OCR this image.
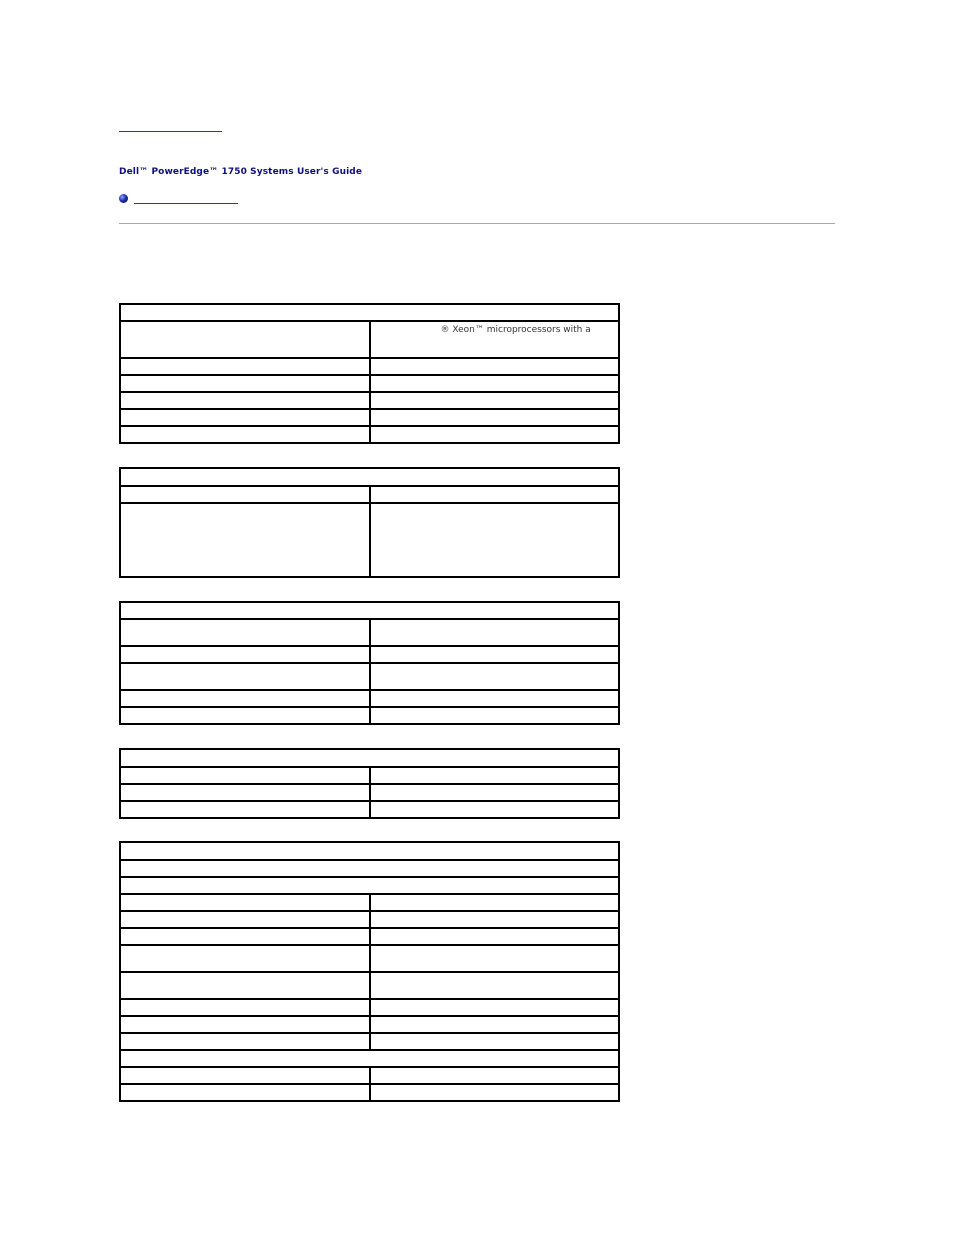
Dell™ PowerEdge™ 1750 Systems User's Guide

	® Xeon™ microprocessors with a
